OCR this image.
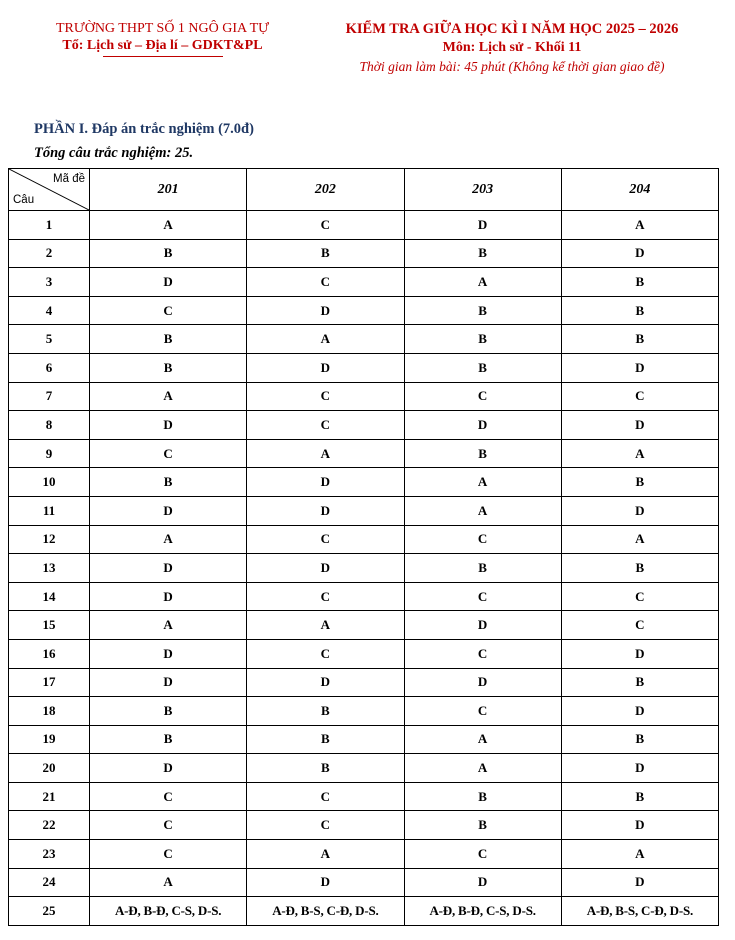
TRƯỜNG THPT SỐ 1 NGÔ GIA TỰ
Tổ: Lịch sử – Địa lí – GDKT&PL
KIỂM TRA GIỮA HỌC KÌ I NĂM HỌC 2025 – 2026
Môn: Lịch sử - Khối 11
Thời gian làm bài: 45 phút (Không kể thời gian giao đề)
PHẦN I. Đáp án trắc nghiệm (7.0đ)
Tổng câu trắc nghiệm: 25.
Mã đề
Câu	201	202	203	204
1	A	C	D	A
2	B	B	B	D
3	D	C	A	B
4	C	D	B	B
5	B	A	B	B
6	B	D	B	D
7	A	C	C	C
8	D	C	D	D
9	C	A	B	A
10	B	D	A	B
11	D	D	A	D
12	A	C	C	A
13	D	D	B	B
14	D	C	C	C
15	A	A	D	C
16	D	C	C	D
17	D	D	D	B
18	B	B	C	D
19	B	B	A	B
20	D	B	A	D
21	C	C	B	B
22	C	C	B	D
23	C	A	C	A
24	A	D	D	D
25	A-Đ, B-Đ, C-S, D-S.	A-Đ, B-S, C-Đ, D-S.	A-Đ, B-Đ, C-S, D-S.	A-Đ, B-S, C-Đ, D-S.
